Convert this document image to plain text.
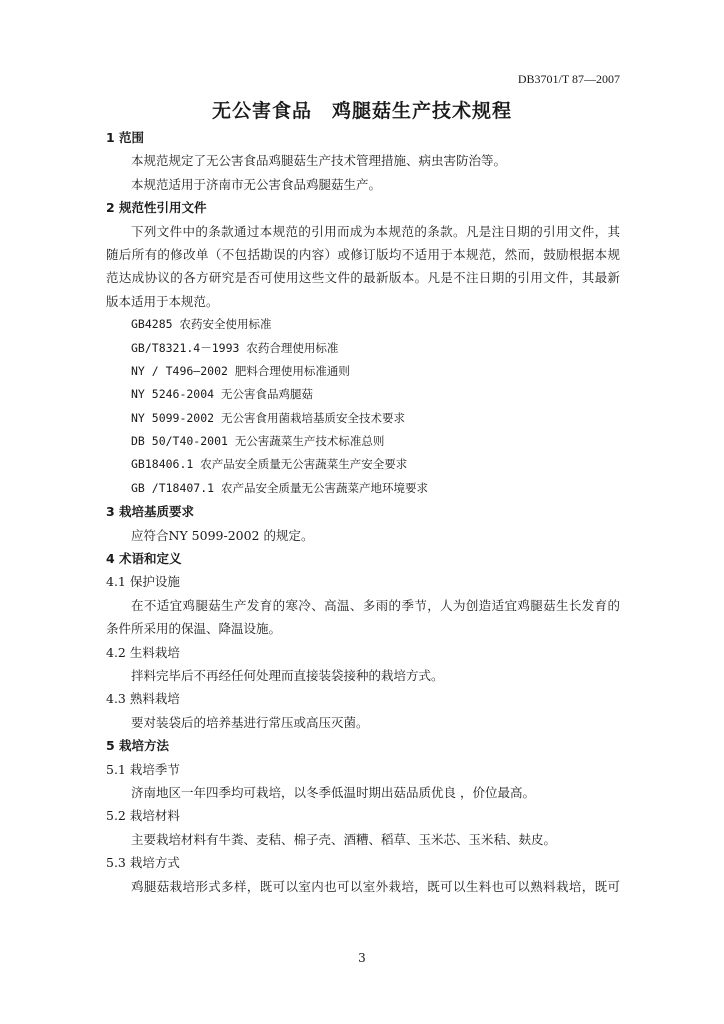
DB3701/T 87—2007
无公害食品　鸡腿菇生产技术规程
1 范围
本规范规定了无公害食品鸡腿菇生产技术管理措施、病虫害防治等。
本规范适用于济南市无公害食品鸡腿菇生产。
2 规范性引用文件
下列文件中的条款通过本规范的引用而成为本规范的条款。凡是注日期的引用文件，其
随后所有的修改单（不包括勘误的内容）或修订版均不适用于本规范，然而，鼓励根据本规
范达成协议的各方研究是否可使用这些文件的最新版本。凡是不注日期的引用文件，其最新
版本适用于本规范。
GB4285 农药安全使用标准
GB/T8321.4－1993 农药合理使用标准
NY / T496—2002 肥料合理使用标准通则
NY 5246-2004 无公害食品鸡腿菇
NY 5099-2002 无公害食用菌栽培基质安全技术要求
DB 50/T40-2001 无公害蔬菜生产技术标准总则
GB18406.1 农产品安全质量无公害蔬菜生产安全要求
GB /T18407.1 农产品安全质量无公害蔬菜产地环境要求
3 栽培基质要求
应符合NY 5099-2002 的规定。
4 术语和定义
4.1 保护设施
在不适宜鸡腿菇生产发育的寒冷、高温、多雨的季节，人为创造适宜鸡腿菇生长发育的
条件所采用的保温、降温设施。
4.2 生料栽培
拌料完毕后不再经任何处理而直接装袋接种的栽培方式。
4.3 熟料栽培
要对装袋后的培养基进行常压或高压灭菌。
5 栽培方法
5.1 栽培季节
济南地区一年四季均可栽培，以冬季低温时期出菇品质优良 ，价位最高。
5.2 栽培材料
主要栽培材料有牛粪、麦秸、棉子壳、酒糟、稻草、玉米芯、玉米秸、麸皮。
5.3 栽培方式
鸡腿菇栽培形式多样，既可以室内也可以室外栽培，既可以生料也可以熟料栽培，既可
3
